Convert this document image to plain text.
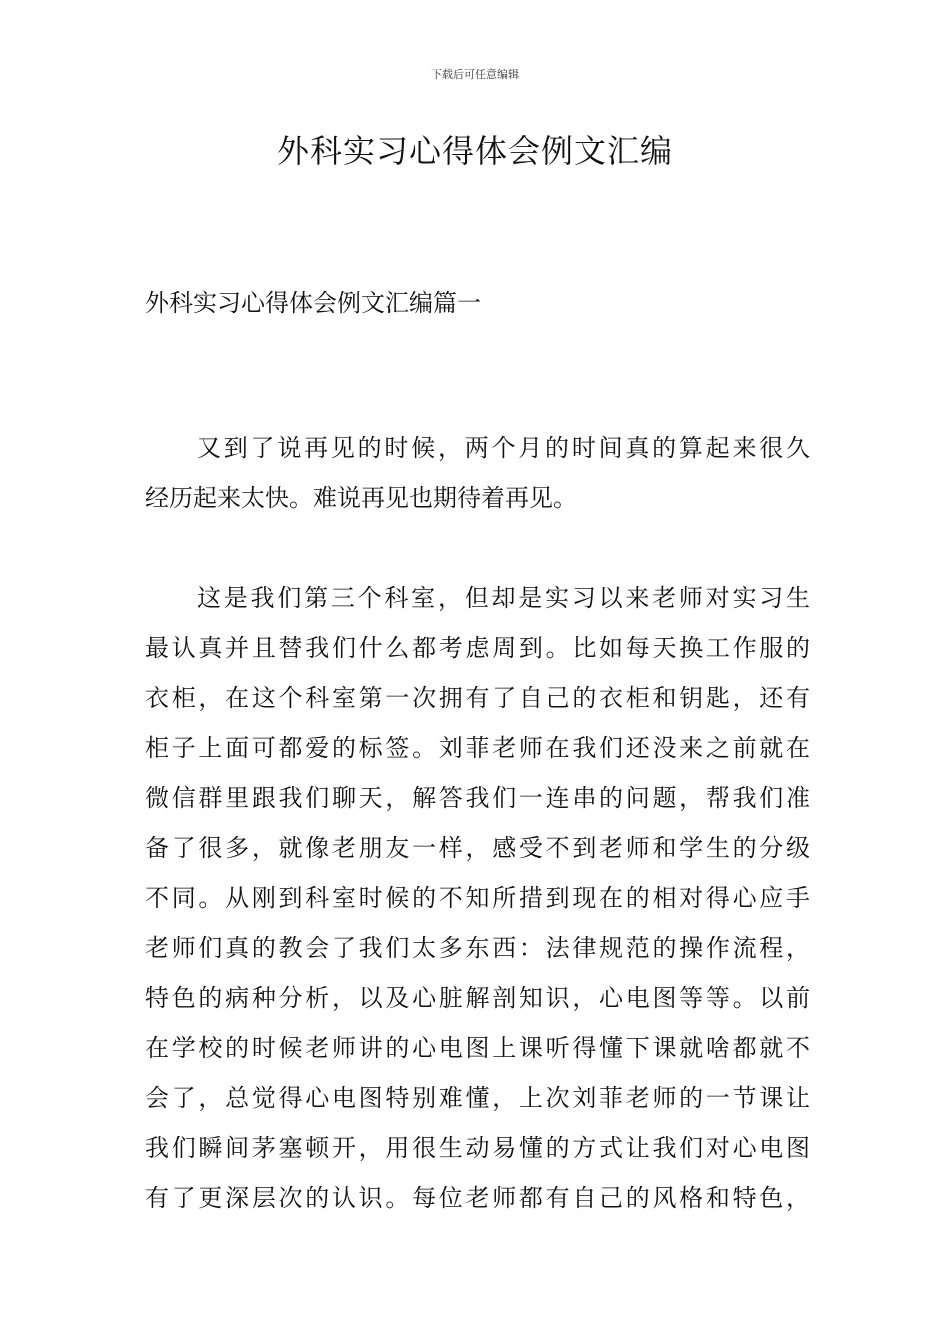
下载后可任意编辑
外科实习心得体会例文汇编
外科实习心得体会例文汇编篇一
又到了说再见的时候，两个月的时间真的算起来很久
经历起来太快。难说再见也期待着再见。
这是我们第三个科室，但却是实习以来老师对实习生
最认真并且替我们什么都考虑周到。比如每天换工作服的
衣柜，在这个科室第一次拥有了自己的衣柜和钥匙，还有
柜子上面可都爱的标签。刘菲老师在我们还没来之前就在
微信群里跟我们聊天，解答我们一连串的问题，帮我们准
备了很多，就像老朋友一样，感受不到老师和学生的分级
不同。从刚到科室时候的不知所措到现在的相对得心应手
老师们真的教会了我们太多东西：法律规范的操作流程，
特色的病种分析，以及心脏解剖知识，心电图等等。以前
在学校的时候老师讲的心电图上课听得懂下课就啥都就不
会了，总觉得心电图特别难懂，上次刘菲老师的一节课让
我们瞬间茅塞顿开，用很生动易懂的方式让我们对心电图
有了更深层次的认识。每位老师都有自己的风格和特色，
